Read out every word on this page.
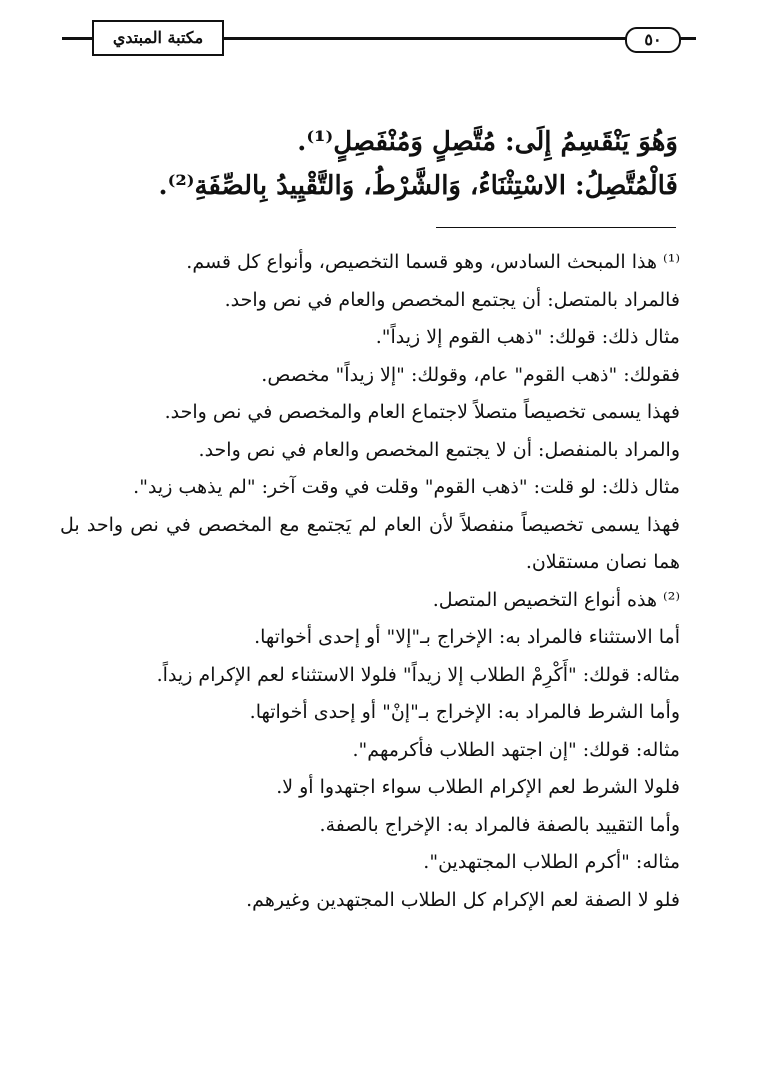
٥٠
مكتبة المبتدي

وَهُوَ يَنْقَسِمُ إِلَى: مُتَّصِلٍ وَمُنْفَصِلٍ⁽¹⁾.

فَالْمُتَّصِلُ: الاسْتِثْنَاءُ، وَالشَّرْطُ، وَالتَّقْيِيدُ بِالصِّفَةِ⁽²⁾.

⁽¹⁾ هذا المبحث السادس، وهو قسما التخصيص، وأنواع كل قسم.

فالمراد بالمتصل: أن يجتمع المخصص والعام في نص واحد.

مثال ذلك: قولك: "ذهب القوم إلا زيداً".

فقولك: "ذهب القوم" عام، وقولك: "إلا زيداً" مخصص.

فهذا يسمى تخصيصاً متصلاً لاجتماع العام والمخصص في نص واحد.

والمراد بالمنفصل: أن لا يجتمع المخصص والعام في نص واحد.

مثال ذلك: لو قلت: "ذهب القوم" وقلت في وقت آخر: "لم يذهب زيد".

فهذا يسمى تخصيصاً منفصلاً لأن العام لم يَجتمع مع المخصص في نص واحد بل هما نصان مستقلان.

⁽²⁾ هذه أنواع التخصيص المتصل.

أما الاستثناء فالمراد به: الإخراج بـ"إلا" أو إحدى أخواتها.

مثاله: قولك: "أَكْرِمْ الطلاب إلا زيداً" فلولا الاستثناء لعم الإكرام زيداً.

وأما الشرط فالمراد به: الإخراج بـ"إنْ" أو إحدى أخواتها.

مثاله: قولك: "إن اجتهد الطلاب فأكرمهم".

فلولا الشرط لعم الإكرام الطلاب سواء اجتهدوا أو لا.

وأما التقييد بالصفة فالمراد به: الإخراج بالصفة.

مثاله: "أكرم الطلاب المجتهدين".

فلو لا الصفة لعم الإكرام كل الطلاب المجتهدين وغيرهم.
